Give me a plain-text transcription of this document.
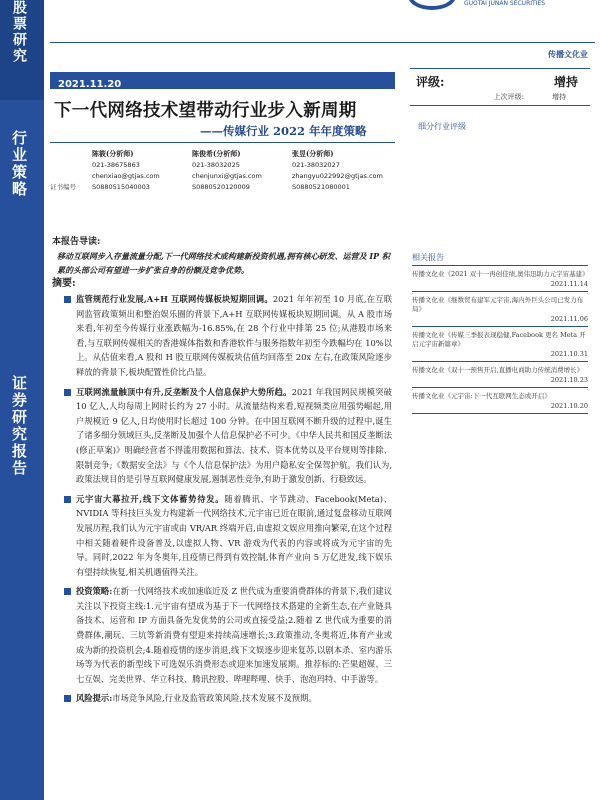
股票研究
行业策略
证券研究报告
GUOTAI JUNAN SECURITIES
传播文化业
2021.11.20
下一代网络技术望带动行业步入新周期
——传媒行业 2022 年年度策略
陈筱(分析师)	陈俊希(分析师)	张昱(分析师)
021-38675863	021-38032025	021-38032027
chenxiao@gtjas.com	chenjunxi@gtjas.com	zhangyu022992@gtjas.com
证书编号	S0880515040003	S0880520120009	S0880521080001
评级:	增持
上次评级:	增持
细分行业评级
相关报告
传播文化业《2021 双十一再创佳绩,奥伟迅助力元宇宙基建》
2021.11.14
传播文化业《继数贸布建军元宇宙,海内外巨头公司已发力布局》
2021.11.06
传播文化业《传媒三季报表现稳健,Facebook 更名 Meta 开启元宇宙新篇章》
2021.10.31
传播文化业《双十一预售开启,直播电商助力传统消费增长》
2021.10.23
传播文化业《元宇宙:下一代互联网生态或开启》
2021.10.20
本报告导读:
移动互联网步入存量流量分配,下一代网络技术或构建新投资机遇,拥有核心研发、运营及 IP 积累的头部公司有望进一步扩张自身的份额及竞争优势。
摘要:
监管规范行业发展,A+H 互联网传媒板块短期回调。2021 年年初至 10 月底,在互联网监管政策频出和整治娱乐圈的背景下,A+H 互联网传媒板块短期回调。从 A 股市场来看,年初至今传媒行业涨跌幅为-16.85%,在 28 个行业中排第 25 位;从港股市场来看,与互联网传媒相关的香港媒体指数和香港软件与服务指数年初至今跌幅均在 10%以上。从估值来看,A 股和 H 股互联网传媒板块估值均回落至 20x 左右,在政策风险逐步释放的背景下,板块配置性价比凸显。
互联网流量触顶中有升,反垄断及个人信息保护大势所趋。2021 年我国网民规模突破 10 亿人,人均每周上网时长约为 27 小时。从流量结构来看,短视频类应用强势崛起,用户规模近 9 亿人,日均使用时长超过 100 分钟。在中国互联网不断升级的过程中,诞生了诸多细分领域巨头,反垄断及加强个人信息保护必不可少。《中华人民共和国反垄断法(修正草案)》明确经营者不得滥用数据和算法、技术、资本优势以及平台规则等排除、限制竞争;《数据安全法》与《个人信息保护法》为用户隐私安全保驾护航。我们认为,政策法规目的是引导互联网健康发展,遏制恶性竞争,有助于激发创新、行稳致远。
元宇宙大幕拉开,线下文体蓄势待发。随着腾讯、字节跳动、Facebook(Meta)、NVIDIA 等科技巨头发力构建新一代网络技术,元宇宙已近在眼前,通过复盘移动互联网发展历程,我们认为元宇宙或由 VR/AR 终端开启,由虚拟文娱应用推向繁荣,在这个过程中相关随着硬件设备普及,以虚拟人物、VR 游戏为代表的内容或将成为元宇宙的先导。同时,2022 年为冬奥年,且疫情已得到有效控制,体育产业向 5 万亿进发,线下娱乐有望持续恢复,相关机遇值得关注。
投资策略:在新一代网络技术或加速临近及 Z 世代成为重要消费群体的背景下,我们建议关注以下投资主线:1.元宇宙有望成为基于下一代网络技术搭建的全新生态,在产业链具备技术、运营和 IP 方面具备先发优势的公司或直接受益;2.随着 Z 世代成为重要的消费群体,潮玩、三坑等新消费有望迎来持续高速增长;3.政策推动,冬奥将近,体育产业或成为新的投资机会;4.随着疫情的逐步消退,线下文娱逐步迎来复苏,以剧本杀、室内游乐场等为代表的新型线下可选娱乐消费形态或迎来加速发展期。推荐标的:芒果超媒、三七互娱、完美世界、华立科技、腾讯控股、哔哩哔哩、快手、泡泡玛特、中手游等。
风险提示:市场竞争风险,行业及监管政策风险,技术发展不及预期。
